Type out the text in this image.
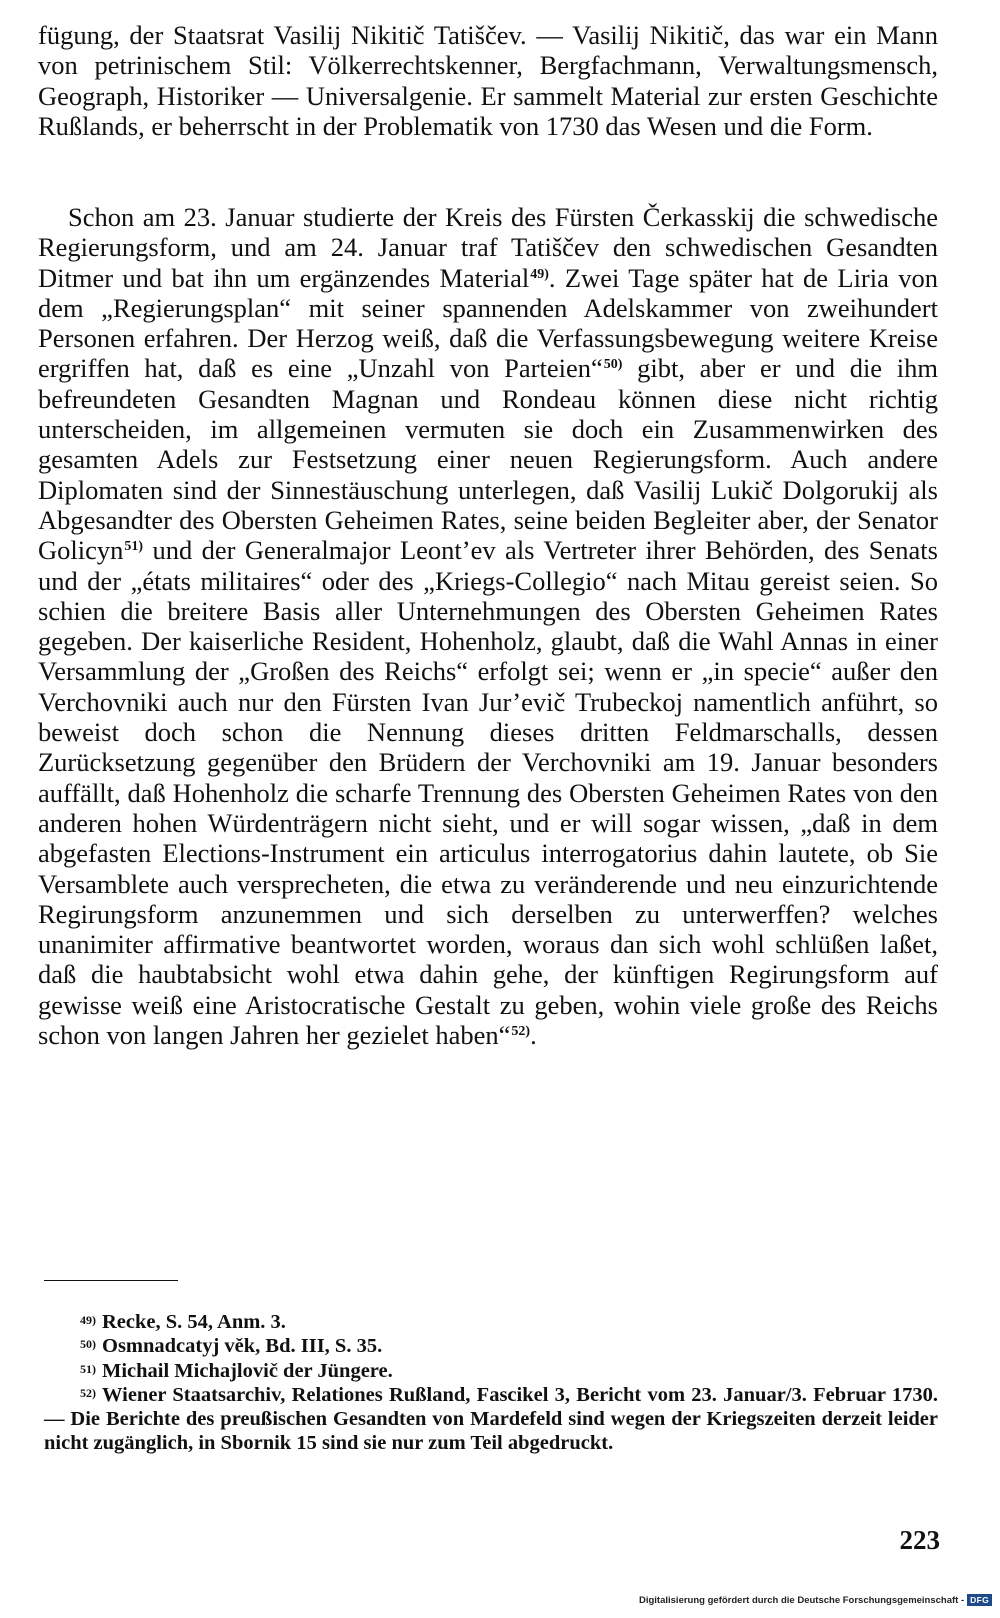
fügung, der Staatsrat Vasilij Nikitič Tatiščev. — Vasilij Nikitič, das war ein Mann von petrinischem Stil: Völkerrechtskenner, Bergfachmann, Verwaltungsmensch, Geograph, Historiker — Universalgenie. Er sammelt Material zur ersten Geschichte Rußlands, er beherrscht in der Problematik von 1730 das Wesen und die Form.

Schon am 23. Januar studierte der Kreis des Fürsten Čerkasskij die schwedische Regierungsform, und am 24. Januar traf Tatiščev den schwedischen Gesandten Ditmer und bat ihn um ergänzendes Material$^{49)}$. Zwei Tage später hat de Liria von dem „Regierungsplan“ mit seiner spannenden Adelskammer von zweihundert Personen erfahren. Der Herzog weiß, daß die Verfassungsbewegung weitere Kreise ergriffen hat, daß es eine „Unzahl von Parteien“$^{50)}$ gibt, aber er und die ihm befreundeten Gesandten Magnan und Rondeau können diese nicht richtig unterscheiden, im allgemeinen vermuten sie doch ein Zusammenwirken des gesamten Adels zur Festsetzung einer neuen Regierungsform. Auch andere Diplomaten sind der Sinnestäuschung unterlegen, daß Vasilij Lukič Dolgorukij als Abgesandter des Obersten Geheimen Rates, seine beiden Begleiter aber, der Senator Golicyn$^{51)}$ und der Generalmajor Leont’ev als Vertreter ihrer Behörden, des Senats und der „états militaires“ oder des „Kriegs-Collegio“ nach Mitau gereist seien. So schien die breitere Basis aller Unternehmungen des Obersten Geheimen Rates gegeben. Der kaiserliche Resident, Hohenholz, glaubt, daß die Wahl Annas in einer Versammlung der „Großen des Reichs“ erfolgt sei; wenn er „in specie“ außer den Verchovniki auch nur den Fürsten Ivan Jur’evič Trubeckoj namentlich anführt, so beweist doch schon die Nennung dieses dritten Feldmarschalls, dessen Zurücksetzung gegenüber den Brüdern der Verchovniki am 19. Januar besonders auffällt, daß Hohenholz die scharfe Trennung des Obersten Geheimen Rates von den anderen hohen Würdenträgern nicht sieht, und er will sogar wissen, „daß in dem abgefasten Elections-Instrument ein articulus interrogatorius dahin lautete, ob Sie Versamblete auch versprecheten, die etwa zu veränderende und neu einzurichtende Regirungsform anzunemmen und sich derselben zu unterwerffen? welches unanimiter affirmative beantwortet worden, woraus dan sich wohl schlüßen laßet, daß die haubtabsicht wohl etwa dahin gehe, der künftigen Regirungsform auf gewisse weiß eine Aristocratische Gestalt zu geben, wohin viele große des Reichs schon von langen Jahren her gezielet haben“$^{52)}$.

$^{49)}$ Recke, S. 54, Anm. 3.

$^{50)}$ Osmnadcatyj věk, Bd. III, S. 35.

$^{51)}$ Michail Michajlovič der Jüngere.

$^{52)}$ Wiener Staatsarchiv, Relationes Rußland, Fascikel 3, Bericht vom 23. Januar/3. Februar 1730. — Die Berichte des preußischen Gesandten von Mardefeld sind wegen der Kriegszeiten derzeit leider nicht zugänglich, in Sbornik 15 sind sie nur zum Teil abgedruckt.

223

Digitalisierung gefördert durch die Deutsche Forschungsgemeinschaft - DFG
